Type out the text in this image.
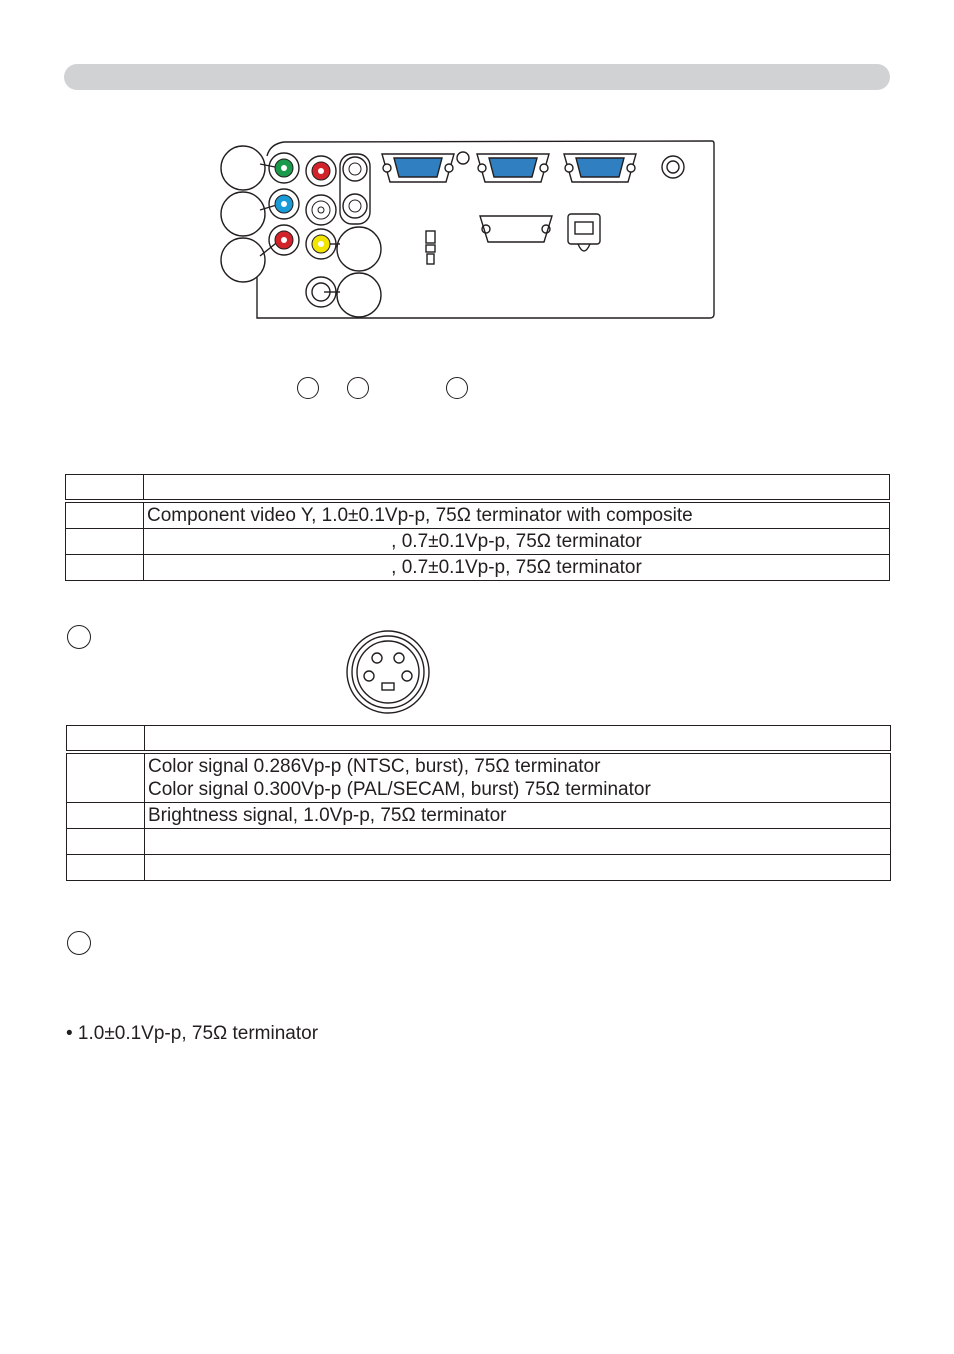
	Component video Y, 1.0±0.1Vp-p, 75Ω terminator with composite
	, 0.7±0.1Vp-p, 75Ω terminator
	, 0.7±0.1Vp-p, 75Ω terminator

	Color signal 0.286Vp-p (NTSC, burst), 75Ω terminator
Color signal 0.300Vp-p (PAL/SECAM, burst) 75Ω terminator

	Brightness signal, 1.0Vp-p, 75Ω terminator

• 1.0±0.1Vp-p, 75Ω terminator
